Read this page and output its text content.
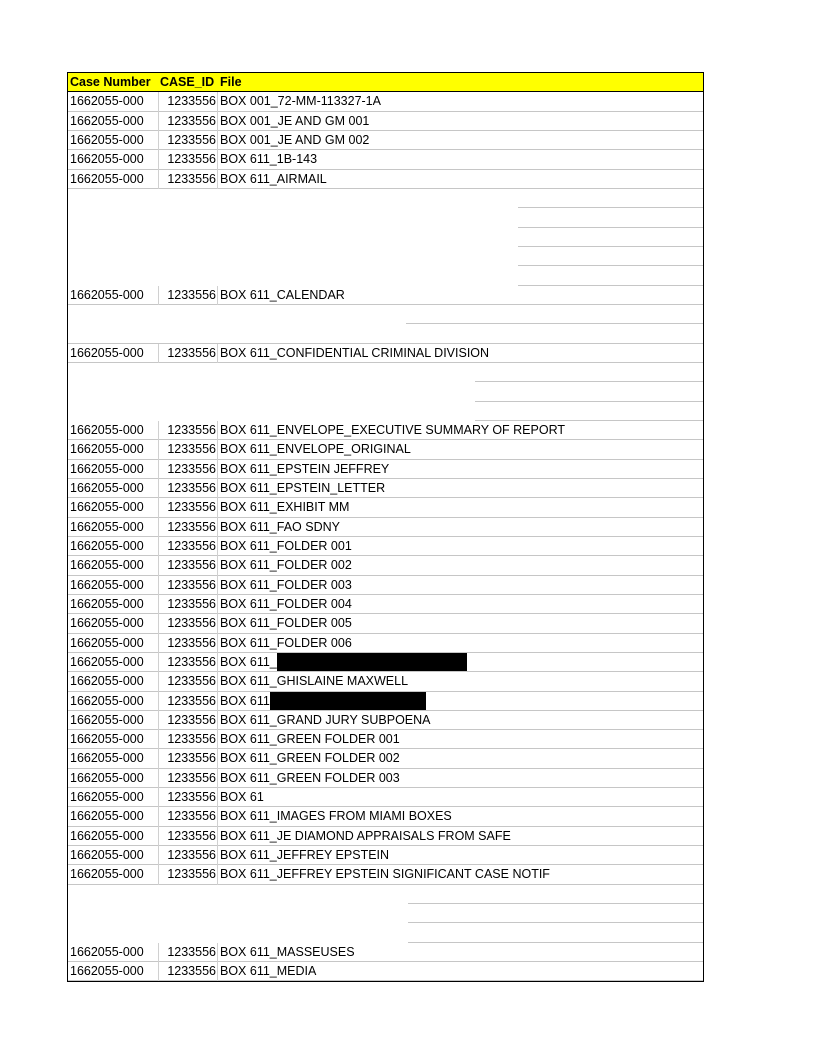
Case Number CASE_ID File
1662055-000	1233556 BOX 001_72-MM-113327-1A
1662055-000	1233556 BOX 001_JE AND GM 001
1662055-000	1233556 BOX 001_JE AND GM 002
1662055-000	1233556 BOX 611_1B-143
1662055-000	1233556 BOX 611_AIRMAIL
1662055-000	1233556 BOX 611_CALENDAR
1662055-000	1233556 BOX 611_CONFIDENTIAL CRIMINAL DIVISION
1662055-000	1233556 BOX 611_ENVELOPE_EXECUTIVE SUMMARY OF REPORT
1662055-000	1233556 BOX 611_ENVELOPE_ORIGINAL
1662055-000	1233556 BOX 611_EPSTEIN JEFFREY
1662055-000	1233556 BOX 611_EPSTEIN_LETTER
1662055-000	1233556 BOX 611_EXHIBIT MM
1662055-000	1233556 BOX 611_FAO SDNY
1662055-000	1233556 BOX 611_FOLDER 001
1662055-000	1233556 BOX 611_FOLDER 002
1662055-000	1233556 BOX 611_FOLDER 003
1662055-000	1233556 BOX 611_FOLDER 004
1662055-000	1233556 BOX 611_FOLDER 005
1662055-000	1233556 BOX 611_FOLDER 006
1662055-000	1233556 BOX 611_
1662055-000	1233556 BOX 611_GHISLAINE MAXWELL
1662055-000	1233556 BOX 611
1662055-000	1233556 BOX 611_GRAND JURY SUBPOENA
1662055-000	1233556 BOX 611_GREEN FOLDER 001
1662055-000	1233556 BOX 611_GREEN FOLDER 002
1662055-000	1233556 BOX 611_GREEN FOLDER 003
1662055-000	1233556 BOX 61
1662055-000	1233556 BOX 611_IMAGES FROM MIAMI BOXES
1662055-000	1233556 BOX 611_JE DIAMOND APPRAISALS FROM SAFE
1662055-000	1233556 BOX 611_JEFFREY EPSTEIN
1662055-000	1233556 BOX 611_JEFFREY EPSTEIN SIGNIFICANT CASE NOTIF
1662055-000	1233556 BOX 611_MASSEUSES
1662055-000	1233556 BOX 611_MEDIA
